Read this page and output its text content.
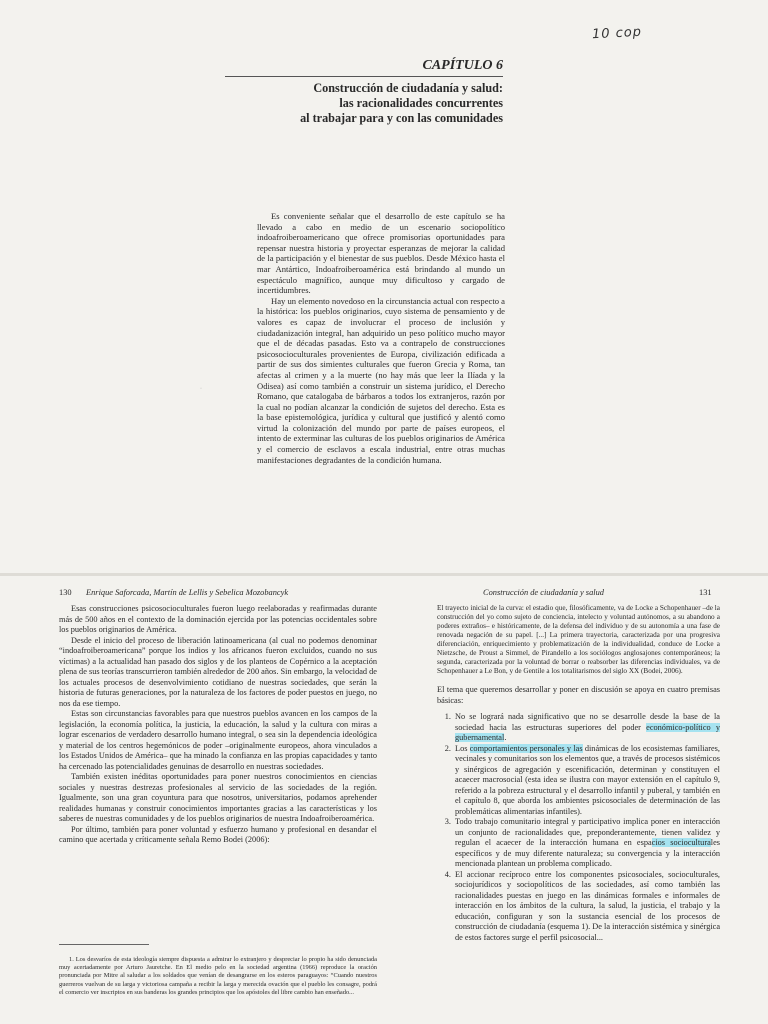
10 cop
CAPÍTULO 6
Construcción de ciudadanía y salud:
las racionalidades concurrentes
al trabajar para y con las comunidades

Es conveniente señalar que el desarrollo de este capítulo se ha llevado a cabo en medio de un escenario sociopolítico indoafroiberoamericano que ofrece promisorias oportunidades para repensar nuestra historia y proyectar esperanzas de mejorar la calidad de la participación y el bienestar de sus pueblos. Desde México hasta el mar Antártico, Indoafroiberoamérica está brindando al mundo un espectáculo magnífico, aunque muy dificultoso y cargado de incertidumbres.

Hay un elemento novedoso en la circunstancia actual con respecto a la histórica: los pueblos originarios, cuyo sistema de pensamiento y de valores es capaz de involucrar el proceso de inclusión y ciudadanización integral, han adquirido un peso político mucho mayor que el de décadas pasadas. Esto va a contrapelo de construcciones psicosocioculturales provenientes de Europa, civilización edificada a partir de sus dos simientes culturales que fueron Grecia y Roma, tan afectas al crimen y a la muerte (no hay más que leer la Ilíada y la Odisea) así como también a construir un sistema jurídico, el Derecho Romano, que catalogaba de bárbaros a todos los extranjeros, razón por la cual no podían alcanzar la condición de sujetos del derecho. Esta es la base epistemológica, jurídica y cultural que justificó y alentó como virtud la colonización del mundo por parte de países europeos, el intento de exterminar las culturas de los pueblos originarios de América y el comercio de esclavos a escala industrial, entre otras muchas manifestaciones degradantes de la condición humana.

·
130 Enrique Saforcada, Martín de Lellis y Sebelica Mozobancyk

Esas construcciones psicosocioculturales fueron luego reelaboradas y reafirmadas durante más de 500 años en el contexto de la dominación ejercida por las potencias occidentales sobre los pueblos originarios de América.

Desde el inicio del proceso de liberación latinoamericana (al cual no podemos denominar “indoafroiberoamericana” porque los indios y los africanos fueron excluidos, cuando no sus víctimas) a la actualidad han pasado dos siglos y de los planteos de Copérnico a la aceptación plena de sus teorías transcurrieron también alrededor de 200 años. Sin embargo, la velocidad de los actuales procesos de desenvolvimiento cotidiano de nuestras sociedades, que serán la historia de futuras generaciones, por la naturaleza de los factores de poder puestos en juego, no nos da ese tiempo.

Estas son circunstancias favorables para que nuestros pueblos avancen en los campos de la legislación, la economía política, la justicia, la educación, la salud y la cultura con miras a lograr escenarios de verdadero desarrollo humano integral, o sea sin la dependencia ideológica y material de los centros hegemónicos de poder –originalmente europeos, ahora vinculados a los Estados Unidos de América– que ha minado la confianza en las propias capacidades y tanto ha cercenado las potencialidades genuinas de desarrollo en nuestras sociedades.

También existen inéditas oportunidades para poner nuestros conocimientos en ciencias sociales y nuestras destrezas profesionales al servicio de las sociedades de la región. Igualmente, son una gran coyuntura para que nosotros, universitarios, podamos aprehender realidades humanas y construir conocimientos importantes gracias a las características y los saberes de nuestras comunidades y de los pueblos originarios de nuestra Indoafroiberoamérica.

Por último, también para poner voluntad y esfuerzo humano y profesional en desandar el camino que acertada y críticamente señala Remo Bodei (2006):

1. Los desvaríos de esta ideología siempre dispuesta a admirar lo extranjero y despreciar lo propio ha sido denunciada muy acertadamente por Arturo Jauretche. En El medio pelo en la sociedad argentina (1966) reproduce la oración pronunciada por Mitre al saludar a los soldados que venían de desangrarse en los esteros paraguayos: “Cuando nuestros guerreros vuelvan de su larga y victoriosa campaña a recibir la larga y merecida ovación que el pueblo les consagre, podrá el comercio ver inscriptos en sus banderas los grandes principios que los apóstoles del libre cambio han enseñado...

Construcción de ciudadanía y salud	131

El trayecto inicial de la curva: el estadio que, filosóficamente, va de Locke a Schopenhauer –de la construcción del yo como sujeto de conciencia, intelecto y voluntad autónomos, a su abandono a poderes extraños– e históricamente, de la defensa del individuo y de su autonomía a una fase de renovada negación de su papel. [...] La primera trayectoria, caracterizada por una progresiva diferenciación, enriquecimiento y problematización de la individualidad, conduce de Locke a Nietzsche, de Proust a Simmel, de Pirandello a los sociólogos anglosajones contemporáneos; la segunda, caracterizada por la voluntad de borrar o reabsorber las diferencias individuales, va de Schopenhauer a Le Bon, y de Gentile a los totalitarismos del siglo XX (Bodei, 2006).

El tema que queremos desarrollar y poner en discusión se apoya en cuatro premisas básicas:

1. No se logrará nada significativo que no se desarrolle desde la base de la sociedad hacia las estructuras superiores del poder económico-político y gubernamental.
2. Los comportamientos personales y las dinámicas de los ecosistemas familiares, vecinales y comunitarios son los elementos que, a través de procesos sistémicos y sinérgicos de agregación y escenificación, determinan y constituyen el acaecer macrosocial (esta idea se ilustra con mayor extensión en el capítulo 9, referido a la pobreza estructural y el desarrollo infantil y puberal, y también en el capítulo 8, que aborda los ambientes psicosociales de determinación de las problemáticas alimentarias infantiles).
3. Todo trabajo comunitario integral y participativo implica poner en interacción un conjunto de racionalidades que, preponderantemente, tienen validez y regulan el acaecer de la interacción humana en espacios socioculturales específicos y de muy diferente naturaleza; su convergencia y la interacción mencionada plantean un problema complicado.
4. El accionar recíproco entre los componentes psicosociales, socioculturales, sociojurídicos y sociopolíticos de las sociedades, así como también las racionalidades puestas en juego en las dinámicas formales e informales de interacción en los ámbitos de la cultura, la salud, la justicia, el trabajo y la educación, configuran y son la sustancia esencial de los procesos de construcción de ciudadanía (esquema 1). De la interacción sistémica y sinérgica de estos factores surge el perfil psicosocial...
